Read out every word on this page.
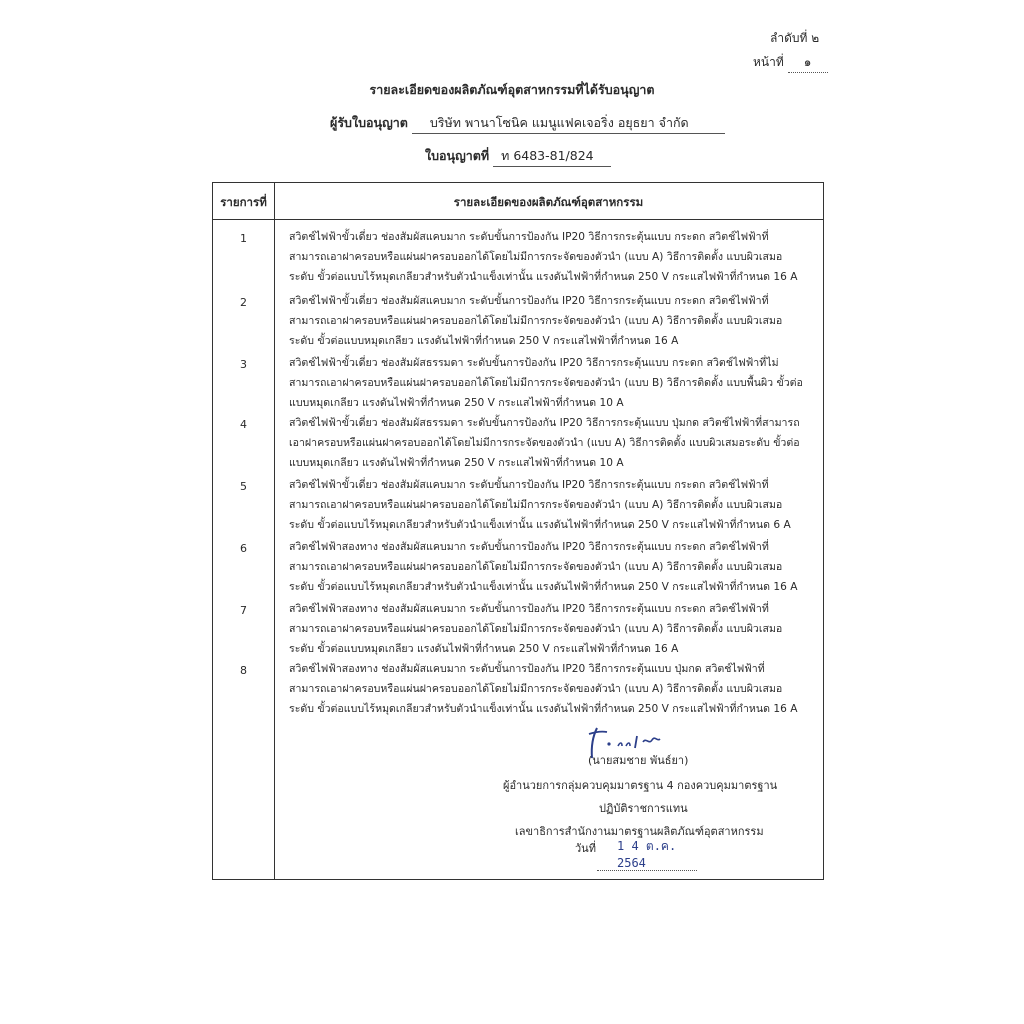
ลำดับที่ ๒
หน้าที่ ๑
รายละเอียดของผลิตภัณฑ์อุตสาหกรรมที่ได้รับอนุญาต
ผู้รับใบอนุญาต บริษัท พานาโซนิค แมนูแฟคเจอริ่ง อยุธยา จำกัด
ใบอนุญาตที่ ท 6483-81/824
รายการที่	รายละเอียดของผลิตภัณฑ์อุตสาหกรรม
1	สวิตช์ไฟฟ้าขั้วเดี่ยว ช่องสัมผัสแคบมาก ระดับขั้นการป้องกัน IP20 วิธีการกระตุ้นแบบ กระดก สวิตช์ไฟฟ้าที่
สามารถเอาฝาครอบหรือแผ่นฝาครอบออกได้โดยไม่มีการกระจัดของตัวนำ (แบบ A) วิธีการติดตั้ง แบบผิวเสมอ
ระดับ ขั้วต่อแบบไร้หมุดเกลียวสำหรับตัวนำแข็งเท่านั้น แรงดันไฟฟ้าที่กำหนด 250 V กระแสไฟฟ้าที่กำหนด 16 A
2	สวิตช์ไฟฟ้าขั้วเดี่ยว ช่องสัมผัสแคบมาก ระดับขั้นการป้องกัน IP20 วิธีการกระตุ้นแบบ กระดก สวิตช์ไฟฟ้าที่
สามารถเอาฝาครอบหรือแผ่นฝาครอบออกได้โดยไม่มีการกระจัดของตัวนำ (แบบ A) วิธีการติดตั้ง แบบผิวเสมอ
ระดับ ขั้วต่อแบบหมุดเกลียว แรงดันไฟฟ้าที่กำหนด 250 V กระแสไฟฟ้าที่กำหนด 16 A
3	สวิตช์ไฟฟ้าขั้วเดี่ยว ช่องสัมผัสธรรมดา ระดับขั้นการป้องกัน IP20 วิธีการกระตุ้นแบบ กระดก สวิตช์ไฟฟ้าที่ไม่
สามารถเอาฝาครอบหรือแผ่นฝาครอบออกได้โดยไม่มีการกระจัดของตัวนำ (แบบ B) วิธีการติดตั้ง แบบพื้นผิว ขั้วต่อ
แบบหมุดเกลียว แรงดันไฟฟ้าที่กำหนด 250 V กระแสไฟฟ้าที่กำหนด 10 A
4	สวิตช์ไฟฟ้าขั้วเดี่ยว ช่องสัมผัสธรรมดา ระดับขั้นการป้องกัน IP20 วิธีการกระตุ้นแบบ ปุ่มกด สวิตช์ไฟฟ้าที่สามารถ
เอาฝาครอบหรือแผ่นฝาครอบออกได้โดยไม่มีการกระจัดของตัวนำ (แบบ A) วิธีการติดตั้ง แบบผิวเสมอระดับ ขั้วต่อ
แบบหมุดเกลียว แรงดันไฟฟ้าที่กำหนด 250 V กระแสไฟฟ้าที่กำหนด 10 A
5	สวิตช์ไฟฟ้าขั้วเดี่ยว ช่องสัมผัสแคบมาก ระดับขั้นการป้องกัน IP20 วิธีการกระตุ้นแบบ กระดก สวิตช์ไฟฟ้าที่
สามารถเอาฝาครอบหรือแผ่นฝาครอบออกได้โดยไม่มีการกระจัดของตัวนำ (แบบ A) วิธีการติดตั้ง แบบผิวเสมอ
ระดับ ขั้วต่อแบบไร้หมุดเกลียวสำหรับตัวนำแข็งเท่านั้น แรงดันไฟฟ้าที่กำหนด 250 V กระแสไฟฟ้าที่กำหนด 6 A
6	สวิตช์ไฟฟ้าสองทาง ช่องสัมผัสแคบมาก ระดับขั้นการป้องกัน IP20 วิธีการกระตุ้นแบบ กระดก สวิตช์ไฟฟ้าที่
สามารถเอาฝาครอบหรือแผ่นฝาครอบออกได้โดยไม่มีการกระจัดของตัวนำ (แบบ A) วิธีการติดตั้ง แบบผิวเสมอ
ระดับ ขั้วต่อแบบไร้หมุดเกลียวสำหรับตัวนำแข็งเท่านั้น แรงดันไฟฟ้าที่กำหนด 250 V กระแสไฟฟ้าที่กำหนด 16 A
7	สวิตช์ไฟฟ้าสองทาง ช่องสัมผัสแคบมาก ระดับขั้นการป้องกัน IP20 วิธีการกระตุ้นแบบ กระดก สวิตช์ไฟฟ้าที่
สามารถเอาฝาครอบหรือแผ่นฝาครอบออกได้โดยไม่มีการกระจัดของตัวนำ (แบบ A) วิธีการติดตั้ง แบบผิวเสมอ
ระดับ ขั้วต่อแบบหมุดเกลียว แรงดันไฟฟ้าที่กำหนด 250 V กระแสไฟฟ้าที่กำหนด 16 A
8	สวิตช์ไฟฟ้าสองทาง ช่องสัมผัสแคบมาก ระดับขั้นการป้องกัน IP20 วิธีการกระตุ้นแบบ ปุ่มกด สวิตช์ไฟฟ้าที่
สามารถเอาฝาครอบหรือแผ่นฝาครอบออกได้โดยไม่มีการกระจัดของตัวนำ (แบบ A) วิธีการติดตั้ง แบบผิวเสมอ
ระดับ ขั้วต่อแบบไร้หมุดเกลียวสำหรับตัวนำแข็งเท่านั้น แรงดันไฟฟ้าที่กำหนด 250 V กระแสไฟฟ้าที่กำหนด 16 A
(นายสมชาย พันธ์ยา)
ผู้อำนวยการกลุ่มควบคุมมาตรฐาน 4 กองควบคุมมาตรฐาน
ปฏิบัติราชการแทน
เลขาธิการสำนักงานมาตรฐานผลิตภัณฑ์อุตสาหกรรม
วันที่	1 4 ต.ค. 2564
